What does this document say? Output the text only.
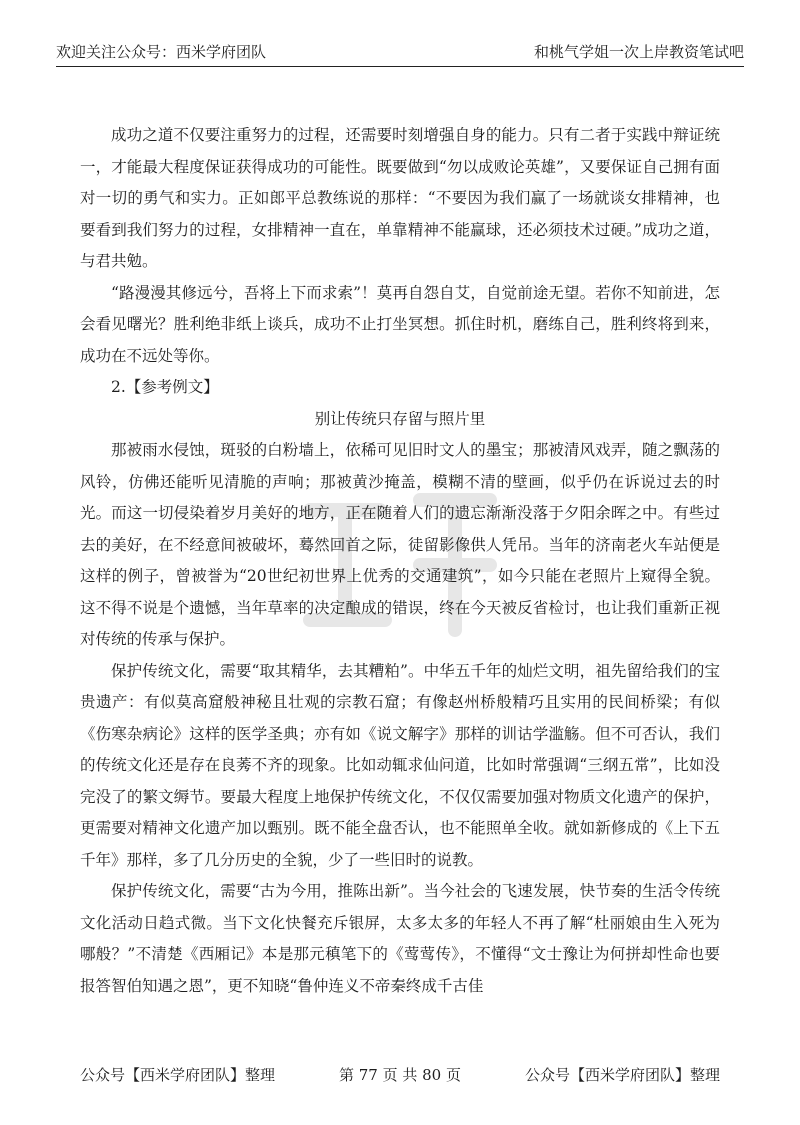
欢迎关注公众号：西米学府团队	和桃气学姐一次上岸教资笔试吧

成功之道不仅要注重努力的过程，还需要时刻增强自身的能力。只有二者于实践中辩证统一，才能最大程度保证获得成功的可能性。既要做到“勿以成败论英雄”，又要保证自己拥有面对一切的勇气和实力。正如郎平总教练说的那样：“不要因为我们赢了一场就谈女排精神，也要看到我们努力的过程，女排精神一直在，单靠精神不能赢球，还必须技术过硬。”成功之道，与君共勉。

“路漫漫其修远兮，吾将上下而求索”！莫再自怨自艾，自觉前途无望。若你不知前进，怎会看见曙光？胜利绝非纸上谈兵，成功不止打坐冥想。抓住时机，磨练自己，胜利终将到来，成功在不远处等你。

2.【参考例文】

别让传统只存留与照片里

那被雨水侵蚀，斑驳的白粉墙上，依稀可见旧时文人的墨宝；那被清风戏弄，随之飘荡的风铃，仿佛还能听见清脆的声响；那被黄沙掩盖，模糊不清的壁画，似乎仍在诉说过去的时光。而这一切侵染着岁月美好的地方，正在随着人们的遗忘渐渐没落于夕阳余晖之中。有些过去的美好，在不经意间被破坏，蓦然回首之际，徒留影像供人凭吊。当年的济南老火车站便是这样的例子，曾被誉为“20世纪初世界上优秀的交通建筑”，如今只能在老照片上窥得全貌。这不得不说是个遗憾，当年草率的决定酿成的错误，终在今天被反省检讨，也让我们重新正视对传统的传承与保护。

保护传统文化，需要“取其精华，去其糟粕”。中华五千年的灿烂文明，祖先留给我们的宝贵遗产：有似莫高窟般神秘且壮观的宗教石窟；有像赵州桥般精巧且实用的民间桥梁；有似《伤寒杂病论》这样的医学圣典；亦有如《说文解字》那样的训诂学滥觞。但不可否认，我们的传统文化还是存在良莠不齐的现象。比如动辄求仙问道，比如时常强调“三纲五常”，比如没完没了的繁文缛节。要最大程度上地保护传统文化，不仅仅需要加强对物质文化遗产的保护，更需要对精神文化遗产加以甄别。既不能全盘否认，也不能照单全收。就如新修成的《上下五千年》那样，多了几分历史的全貌，少了一些旧时的说教。

保护传统文化，需要“古为今用，推陈出新”。当今社会的飞速发展，快节奏的生活令传统文化活动日趋式微。当下文化快餐充斥银屏，太多太多的年轻人不再了解“杜丽娘由生入死为哪般？”不清楚《西厢记》本是那元稹笔下的《莺莺传》，不懂得“文士豫让为何拼却性命也要报答智伯知遇之恩”，更不知晓“鲁仲连义不帝秦终成千古佳

公众号【西米学府团队】整理	第 77 页 共 80 页	公众号【西米学府团队】整理
